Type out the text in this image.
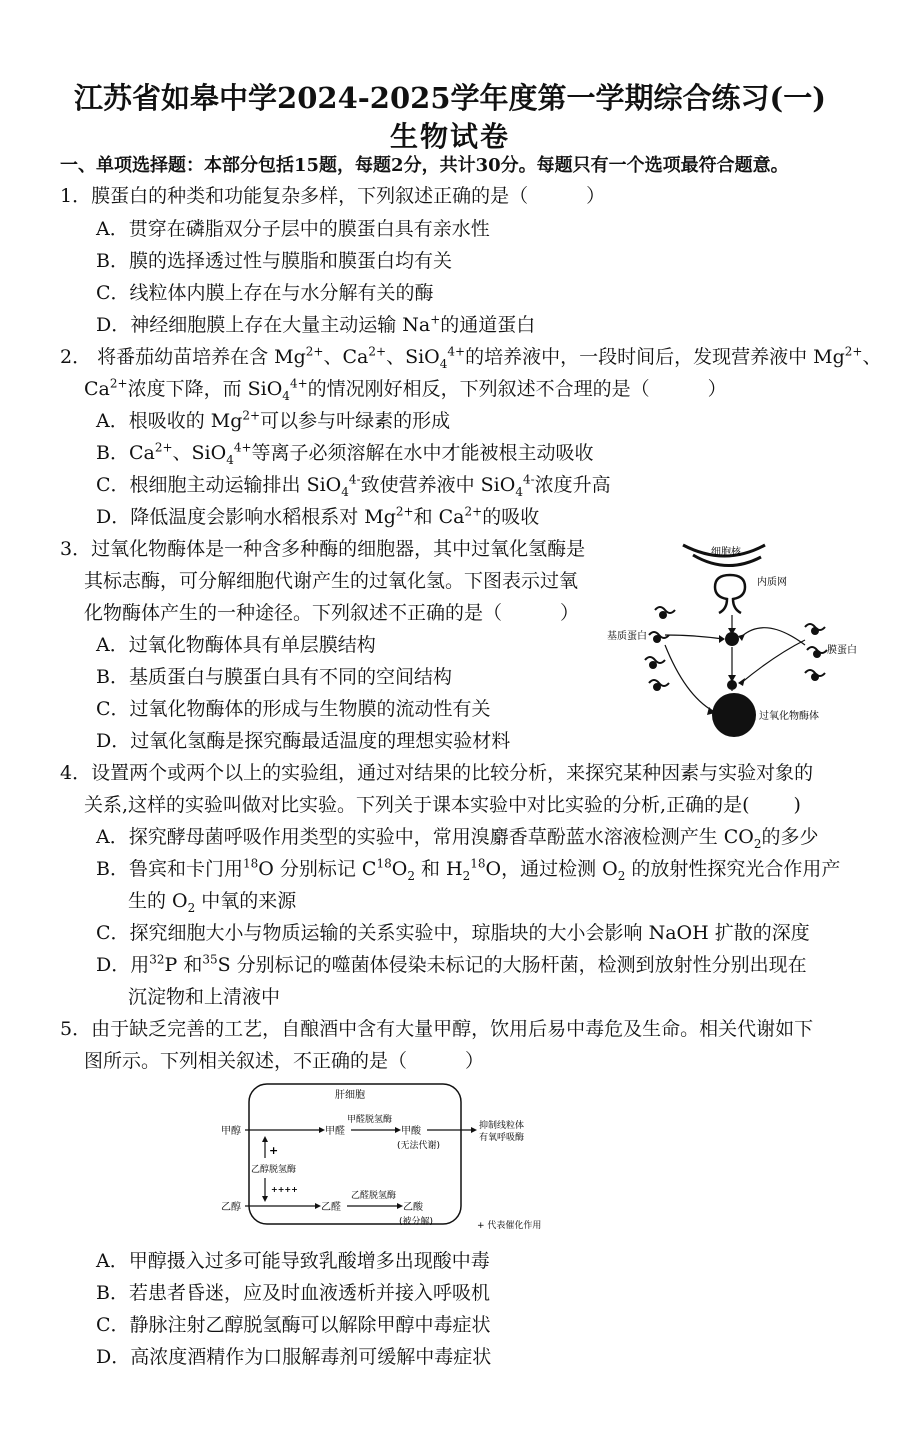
江苏省如皋中学2024-2025学年度第一学期综合练习(一)
生物试卷
一、单项选择题：本部分包括15题，每题2分，共计30分。每题只有一个选项最符合题意。
1．膜蛋白的种类和功能复杂多样，下列叙述正确的是（	）
A．贯穿在磷脂双分子层中的膜蛋白具有亲水性
B．膜的选择透过性与膜脂和膜蛋白均有关
C．线粒体内膜上存在与水分解有关的酶
D．神经细胞膜上存在大量主动运输 Na+的通道蛋白
2． 将番茄幼苗培养在含 $Mg^{2+}$、$Ca^{2+}$、SiO$_4^{4+}$的培养液中，一段时间后，发现营养液中 $Mg^{2+}$、
$Ca^{2+}$浓度下降，而 SiO$_4^{4+}$的情况刚好相反，下列叙述不合理的是（	）
A．根吸收的 $Mg^{2+}$可以参与叶绿素的形成
B．$Ca^{2+}$、SiO$_4^{4+}$等离子必须溶解在水中才能被根主动吸收
C．根细胞主动运输排出 SiO$_4^{4-}$致使营养液中 SiO$_4^{4-}$浓度升高
D．降低温度会影响水稻根系对 $Mg^{2+}$和 $Ca^{2+}$的吸收
3．过氧化物酶体是一种含多种酶的细胞器，其中过氧化氢酶是
其标志酶，可分解细胞代谢产生的过氧化氢。下图表示过氧
化物酶体产生的一种途径。下列叙述不正确的是（	）
A．过氧化物酶体具有单层膜结构
B．基质蛋白与膜蛋白具有不同的空间结构
C．过氧化物酶体的形成与生物膜的流动性有关
D．过氧化氢酶是探究酶最适温度的理想实验材料
细胞核
内质网
过氧化物酶体
基质蛋白
膜蛋白
4．设置两个或两个以上的实验组，通过对结果的比较分析，来探究某种因素与实验对象的
关系,这样的实验叫做对比实验。下列关于课本实验中对比实验的分析,正确的是( )
A．探究酵母菌呼吸作用类型的实验中，常用溴麝香草酚蓝水溶液检测产生 $CO_2$的多少
B．鲁宾和卡门用$^{18}$O 分别标记 $C^{18}O_2$ 和 $H_2^{18}O$，通过检测 $O_2$ 的放射性探究光合作用产
生的 $O_2$ 中氧的来源
C．探究细胞大小与物质运输的关系实验中，琼脂块的大小会影响 NaOH 扩散的深度
D．用$^{32}$P 和$^{35}$S 分别标记的噬菌体侵染未标记的大肠杆菌，检测到放射性分别出现在
沉淀物和上清液中
5．由于缺乏完善的工艺，自酿酒中含有大量甲醇，饮用后易中毒危及生命。相关代谢如下
图所示。下列相关叙述，不正确的是（	）
肝细胞
甲醇	甲醛
甲醛脱氢酶
甲酸
(无法代谢)
抑制线粒体
有氧呼吸酶
乙醇脱氢酶
+
++++
乙醇	乙醛
乙醛脱氢酶
乙酸
(被分解)	+ 代表催化作用
A．甲醇摄入过多可能导致乳酸增多出现酸中毒
B．若患者昏迷，应及时血液透析并接入呼吸机
C．静脉注射乙醇脱氢酶可以解除甲醇中毒症状
D．高浓度酒精作为口服解毒剂可缓解中毒症状
